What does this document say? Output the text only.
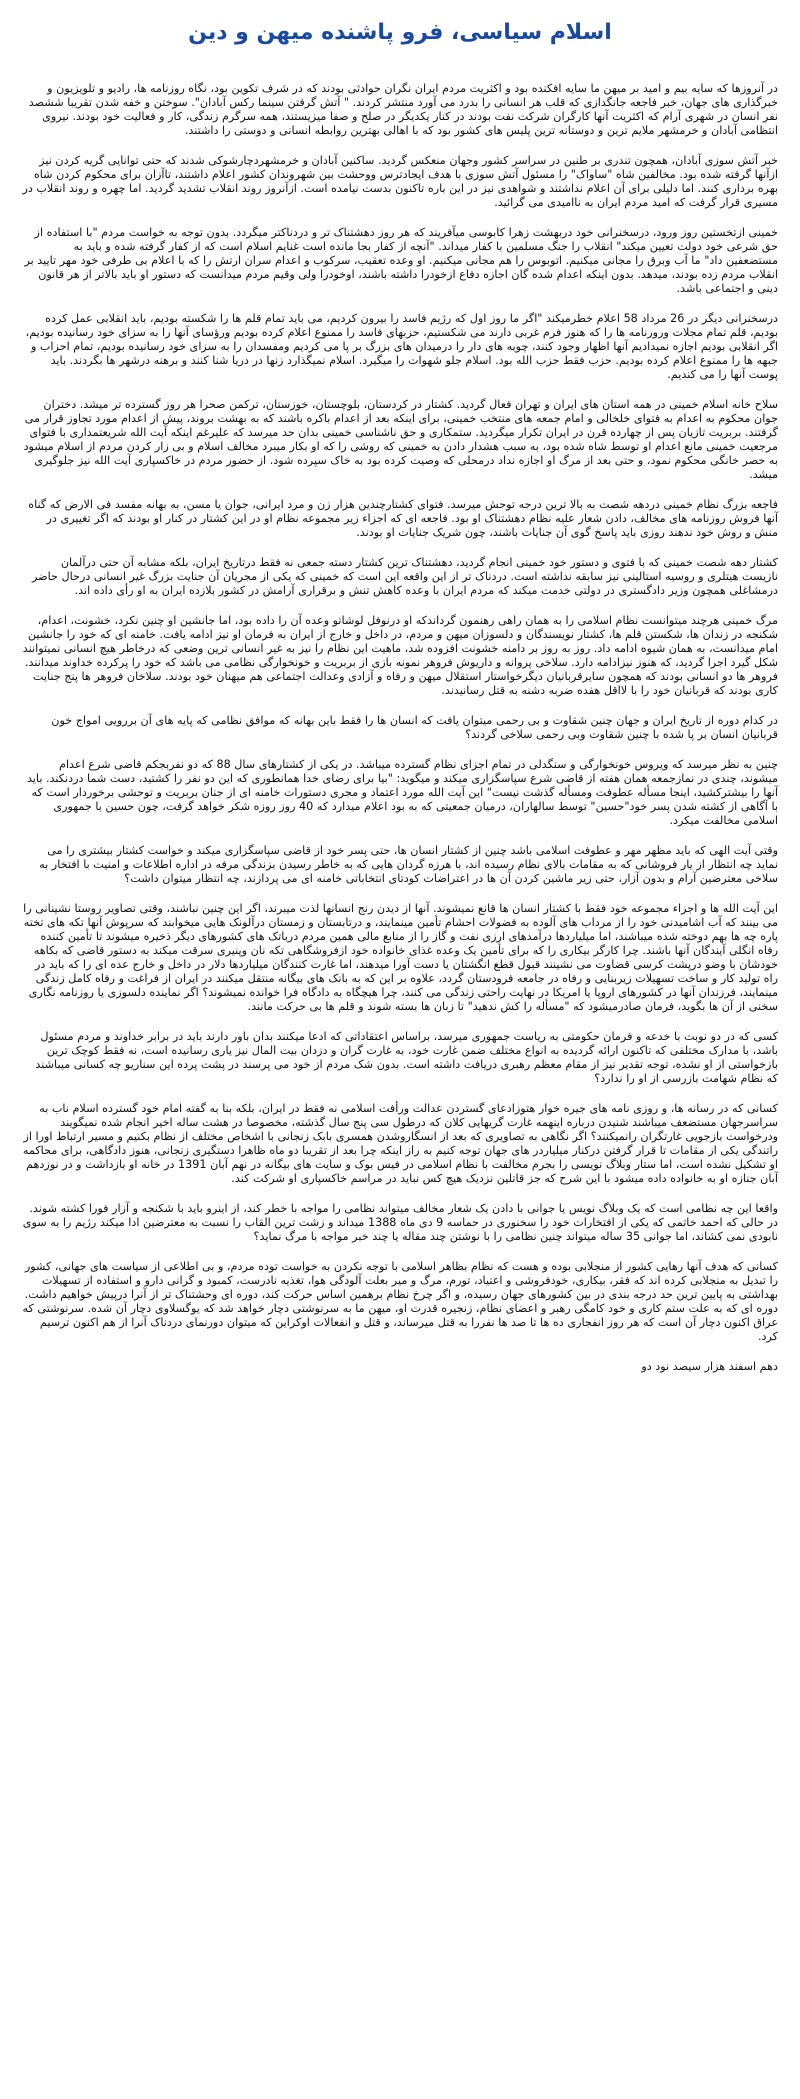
اسلام سیاسی، فرو پاشنده میهن و دین

در آنروزها که سایه بیم و امید بر میهن ما سایه افکنده بود و اکثریت مردم ایران نگران حوادثی بودند که در شرف تکوین بود، نگاه روزنامه ها، رادیو و تلویزیون و خبرگذاری های جهان، خبر فاجعه جانگدازی که قلب هر انسانی را بدرد می آورد منتشر کردند. " آتش گرفتن سینما رکس آبادان". سوختن و خفه شدن تقریبا ششصد نفر انسان در شهری آرام که اکثریت آنها کارگران شرکت نفت بودند در کنار یکدیگر در صلح و صفا میزیستند، همه سرگرم زندگی، کار و فعالیت خود بودند. نیروی انتظامی آبادان و خرمشهر ملایم ترین و دوستانه ترین پلیس های کشور بود که با اهالی بهترین روابطه انسانی و دوستی را داشتند.

خبر آتش سوزی آبادان، همچون تندری بر طنین در سراسر کشور وجهان منعکس گردید. ساکنین آبادان و خرمشهردچارشوکی شدند که حتی توانایی گریه کردن نیز ازآنها گرفته شده بود. مخالفین شاه "ساواک" را مسئول آتش سوزی با هدف ایجادترس ووحشت بین شهروندان کشور اعلام داشتند، تاآزان برای محکوم کردن شاه بهره برداری کنند. اما دلیلی برای آن اعلام نداشتند و شواهدی نیز در این باره تاکنون بدست نیامده است. ازآنروز روند انقلاب تشدید گردید. اما چهره و روند انقلاب در مسیری قرار گرفت که امید مردم ایران به ناامیدی می گرائید.

خمینی ازتخستین روز ورود، درسخنرانی خود دربهشت زهرا کابوسی میآفریند که هر روز دهشتناک تر و دردناکتر میگردد. بدون توجه به خواست مردم "با استفاده از حق شرعی خود دولت تعیین میکند" انقلاب را جنگ مسلمین با کفار میداند. "آنچه از کفار بجا مانده است غنایم اسلام است که از کفار گرفته شده و باید به مستضعفین داد" ما آب وبرق را مجانی میکنیم. اتوبوس را هم مجانی میکنیم. او وعده تعقیب، سرکوب و اعدام سران ارتش را که با اعلام بی طرفی خود مهر تایید بر انقلاب مردم زده بودند، میدهد. بدون اینکه اعدام شده گان اجازه دفاع ازخودرا داشته باشند، اوخودرا ولی وقیم مردم میدانست که دستور او باید بالاتر از هر قانون دینی و اجتماعی باشد.

درسخنرانی دیگر در 26 مرداد 58 اعلام خطرمیکند "اگر ما روز اول که رژیم فاسد را بیرون کردیم، می باید تمام قلم ها را شکسته بودیم، باید انقلابی عمل کرده بودیم، قلم تمام مجلات ورورنامه ها را که هنوز فرم غربی دارند می شکستیم، حزبهای فاسد را ممنوع اعلام کرده بودیم ورؤسای آنها را به سزای خود رسانیده بودیم، اگر انقلابی بودیم اجازه نمیدادیم آنها اظهار وجود کنند، چوبه های دار را درمیدان های بزرگ بر پا می کردیم ومفسدان را به سزای خود رسانیده بودیم، تمام احزاب و جبهه ها را ممنوع اعلام کرده بودیم. حزب فقط حزب الله بود. اسلام جلو شهوات را میگیرد. اسلام نمیگذارد زنها در دریا شنا کنند و برهنه درشهر ها بگردند. باید پوست آنها را می کندیم.

سلاح خانه اسلام خمینی در همه استان های ایران و تهران فعال گردید. کشتار در کردستان، بلوچستان، خوزستان، ترکمن صحرا هر روز گسترده تر میشد. دختران جوان محکوم به اعدام به فتوای خلخالی و امام جمعه های منتخب خمینی، برای اینکه بعد از اعدام باکره باشند که به بهشت بروند، پیش از اعدام مورد تجاوز قرار می گرفتند. بربریت تازیان پس از چهارده قرن در ایران تکرار میگردید. ستمکاری و حق ناشناسی خمینی بدان حد میرسد که علیرغم اینکه آیت الله شریعتمداری با فتوای مرجعیت خمینی مانع اعدام او توسط شاه شده بود، به سبب هشدار دادن به خمینی که روشی را که او بکار میبرد مخالف اسلام و بی زار کردن مردم از اسلام میشود به حصر خانگی محکوم نمود، و حتی بعد از مرگ او اجازه نداد درمحلی که وصیت کرده بود به خاک سپرده شود. از حضور مردم در خاکسپاری آیت الله نیز جلوگیری میشد.

فاجعه بزرگ نظام خمینی دردهه شصت به بالا ترین درجه توحش میرسد. فتوای کشتارچندین هزار زن و مرد ایرانی، جوان یا مسن، به بهانه مفسد فی الارض که گناه آنها فروش روزنامه های مخالف، دادن شعار علیه نظام دهشتناک او بود. فاجعه ای که اجزاء زیر مجموعه نظام او در این کشتار در کنار او بودند که اگر تغییری در منش و روش خود ندهند روزی باید پاسخ گوی آن جنایات باشند، چون شریک جنایات او بودند.

کشتار دهه شصت خمینی که با فتوی و دستور خود خمینی انجام گردید، دهشتناک ترین کشتار دسته جمعی نه فقط درتاریخ ایران، بلکه مشابه آن حتی درآلمان نازیست هیتلری و روسیه استالینی نیز سابقه نداشته است. دردناک تر از این واقعه این است که خمینی که یکی از مجریان آن جنایت بزرگ غیر انسانی درحال حاضر درمشاغلی همچون وزیر دادگستری در دولتی خدمت میکند که مردم ایران با وعده کاهش تنش و برقراری آرامش در کشور بلازده ایران به او رأی داده اند.

مرگ خمینی هرچند میتوانست نظام اسلامی را به همان راهی رهنمون گرداندکه او درنوفل لوشاتو وعده آن را داده بود، اما جانشین او چنین نکرد، خشونت، اعدام، شکنجه در زندان ها، شکستن قلم ها، کشتار نویسندگان و دلسوزان میهن و مردم، در داخل و خارج از ایران به فرمان او نیز ادامه یافت. خامنه ای که خود را جانشین امام میدانست، به همان شیوه ادامه داد. روز به روز بر دامنه خشونت افزوده شد، ماهیت این نظام را نیز به غیر انسانی ترین وضعی که درخاطر هیچ انسانی نمیتوانند شکل گیرد اجرا گردید، که هنوز نیزادامه دارد. سلاخی پروانه و داریوش فروهر نمونه بازی از بربریت و خونخوارگی نظامی می باشد که خود را پرکرده خداوند میدانند. فروهر ها دو انسانی بودند که همچون سایرقربانیان دیگرخواستار استقلال میهن و رفاه و آزادی وعدالت اجتماعی هم میهنان خود بودند. سلاخان فروهر ها پنج جنایت کاری بودند که قربانیان خود را با لااقل هفده ضربه دشنه به قتل رسانیدند.

در کدام دوره از تاریخ ایران و جهان چنین شقاوت و بی رحمی میتوان یافت که انسان ها را فقط باین بهانه که موافق نظامی که پایه های آن بررویی امواج خون قربانیان انسان بر پا شده با چنین شقاوت وبی رحمی سلاخی گردند؟

چنین به نظر میرسد که ویروس خونخوارگی و سنگدلی در تمام اجزای نظام گسترده میباشد. در یکی از کشتارهای سال 88 که دو نفربجکم قاضی شرع اعدام میشوند، چندی در نمازجمعه همان هفته از قاضی شرع سپاسگزاری میکند و میگوید: "بیا برای رضای خدا همانطوری که این دو نفر را کشتید، دست شما دردنکند. باید آنها را بیشترکشید، اینجا مسأله عطوفت ومسأله گذشت نیست" این آیت الله مورد اعتماد و مجری دستورات خامنه ای از جنان بربریت و توحشی برخوردار است که با آگاهی از کشته شدن پسر خود"حسین" توسط سالهاران، درمیان جمعیتی که به بود اعلام میدارد که 40 روز روزه شکر خواهد گرفت، چون حسین با جمهوری اسلامی مخالفت میکرد.

وقتی آیت الهی که باید مظهر مهر و عطوفت اسلامی باشد چنین از کشتار انسان ها، حتی پسر خود از قاضی سپاسگزاری میکند و خواست کشتار بیشتری را می نماید چه انتظار از یار فروشانی که به مقامات بالای نظام رسیده اند، با هرزه گردان هایی که به خاطر رسیدن بزندگی مرفه در اداره اطلاعات و امنیت با افتخار به سلاخی معترضین آرام و بدون آزار، حتی زیر ماشین کردن آن ها در اعتراضات کودتای انتخاباتی خامنه ای می پردازند، چه انتظار میتوان داشت؟

این آیت الله ها و اجزاء مجموعه خود فقط با کشتار انسان ها قانع نمیشوند. آنها از دیدن رنج انسانها لذت میبرند، اگر این چنین نباشند، وقتی تصاویر روستا نشینانی را می بینند که آب اشامیدنی خود را از مرداب های آلوده به فضولات احشام تأمین مینمایند، و درتابستان و زمستان درآلونک هایی میخوابند که سرپوش آنها تکه های تخته پاره چه ها بهم دوخته شده میباشند، اما میلیاردها درآمدهای ارزی نفت و گاز را از منابع مالی همین مردم درباتک های کشورهای دیگر ذخیره میشوند تا تأمین کننده رفاه انگلی آیندگان آنها باشند. چرا کارگر بیکاری را که برای تأمین یک وعده غذای خانواده خود ازفروشگاهی تکه نان وپنیری سرقت میکند به دستور قاضی که بکاهه خودشان با وضو درپشت کرسی قضاوت می نشینند قبول قطع انگشتان یا دست آورا میدهند، اما غارت کنندگان میلیاردها دلار در داخل و خارج عده ای را که باید در راه تولید کار و ساخت تسهیلات زیربنایی و رفاه در جامعه فرودستان گردد، علاوه بر این که به بانک های بیگانه منتقل میکنند در ایران از فراغت و رفاه کامل زندگی مینمایند، فرزندان آنها در کشورهای اروپا یا امریکا در نهایت راحتی زندگی می کنند، چرا هیچگاه به دادگاه فرا خوانده نمیشوند؟ اگر نماینده دلسوزی یا روزنامه نگاری سخنی از آن ها بگوید، فرمان صادرمیشود که "مسأله را کش ندهید" تا زبان ها بسته شوند و قلم ها بی حرکت مانند.

کسی که در دو نوبت با خدعه و فرمان حکومتی به ریاست جمهوری میرسد، براساس اعتقاداتی که ادعا میکنند بدان باور دارند باید در برابر خداوند و مردم مسئول باشد، با مدارک مختلفی که تاکنون ارائه گردیده به انواع مختلف ضمن غارت خود، به غارت گران و دزدان بیت المال نیز یاری رسانیده است، نه فقط کوچک ترین بازخواستی از او نشده، توجه تقدیر نیز از مقام معظم رهبری دریافت داشته است. بدون شک مردم از خود می پرسند در پشت پرده این سناریو چه کسانی میباشند که نظام شهامت بازرسی از او را ندارد؟

کسانی که در رسانه ها، و روزی نامه های جیره خوار هتوزادعای گستردن عدالت ورأفت اسلامی نه فقط در ایران، بلکه بنا به گفته امام خود گسترده اسلام ناب به سراسرجهان مستضعف میباشند شنیدن درباره اینهمه غارت گریهایی کلان که درطول سی پنج سال گذشته، مخصوصا در هشت ساله اخیر انجام شده نمیگویند ودرخواست بازجویی غارتگران رانمیکنند؟ اگر نگاهی به تصاویری که بعد از انسگاروشدن همسری بابک زنجانی با اشخاص مختلف از نظام بکنیم و مسیر ارتباط اورا از راتندگی یکی از مقامات تا قرار گرفتن درکنار میلیاردر های جهان توجه کنیم به راز اینکه چرا بعد از تقریبا دو ماه ظاهرا دستگیری زنجانی، هنوز دادگاهی، برای محاکمه او تشکیل نشده است، اما ستار وبلاگ نویسی را بجرم مخالفت با نظام اسلامی در فیس بوک و سایت های بیگانه در نهم آبان 1391 در خانه او بازداشت و در نوزدهم آبان جنازه او به خانواده داده میشود با این شرح که جز قاتلین نزدیک هیچ کس نباید در مراسم خاکسپاری او شرکت کند.

واقعا این چه نظامی است که یک وبلاگ نویس یا جوانی با دادن یک شعار مخالف میتواند نظامی را مواجه با خطر کند، از اینرو باید با شکنجه و آزار فورا کشته شوند. در حالی که احمد خاتمی که یکی از افتخارات خود را سخنوری در حماسه 9 دی ماه 1388 میداند و زشت ترین القاب را نسبت به معترضین ادا میکند رژیم را به سوی نابودی نمی کشاند، اما جوانی 35 ساله میتواند چنین نظامی را با نوشتن چند مقاله یا چند خبر مواجه با مرگ نماید؟

کسانی که هدف آنها رهایی کشور از منجلابی بوده و هست که نظام بظاهر اسلامی با توجه نکردن به خواست توده مردم، و بی اطلاعی از سیاست های جهانی، کشور را تبدیل به منجلابی کرده اند که فقر، بیکاری، خودفروشی و اعتیاد، تورم، مرگ و میر بعلت آلودگی هوا، تغذیه نادرست، کمبود و گرانی دارو و استفاده از تسهیلات بهداشتی به پایین ترین حد درجه بندی در بین کشورهای جهان رسیده، و اگر چرخ نظام برهمین اساس حرکت کند، دوره ای وحشتناک تر از آنرا درپیش خواهیم داشت. دوره ای که به علت ستم کاری و خود کامگی رهبر و اعضای نظام، زنجیره قدرت او، میهن ما به سرنوشتی دچار خواهد شد که یوگسلاوی دچار آن شده. سرنوشتی که عراق اکنون دچار آن است که هر روز انفجاری ده ها تا صد ها نفررا به قتل میرساند، و قتل و انفعالات اوکراین که میتوان دورنمای دردناک آنرا از هم اکنون ترسیم کرد.

دهم اسفند هزار سیصد نود دو
